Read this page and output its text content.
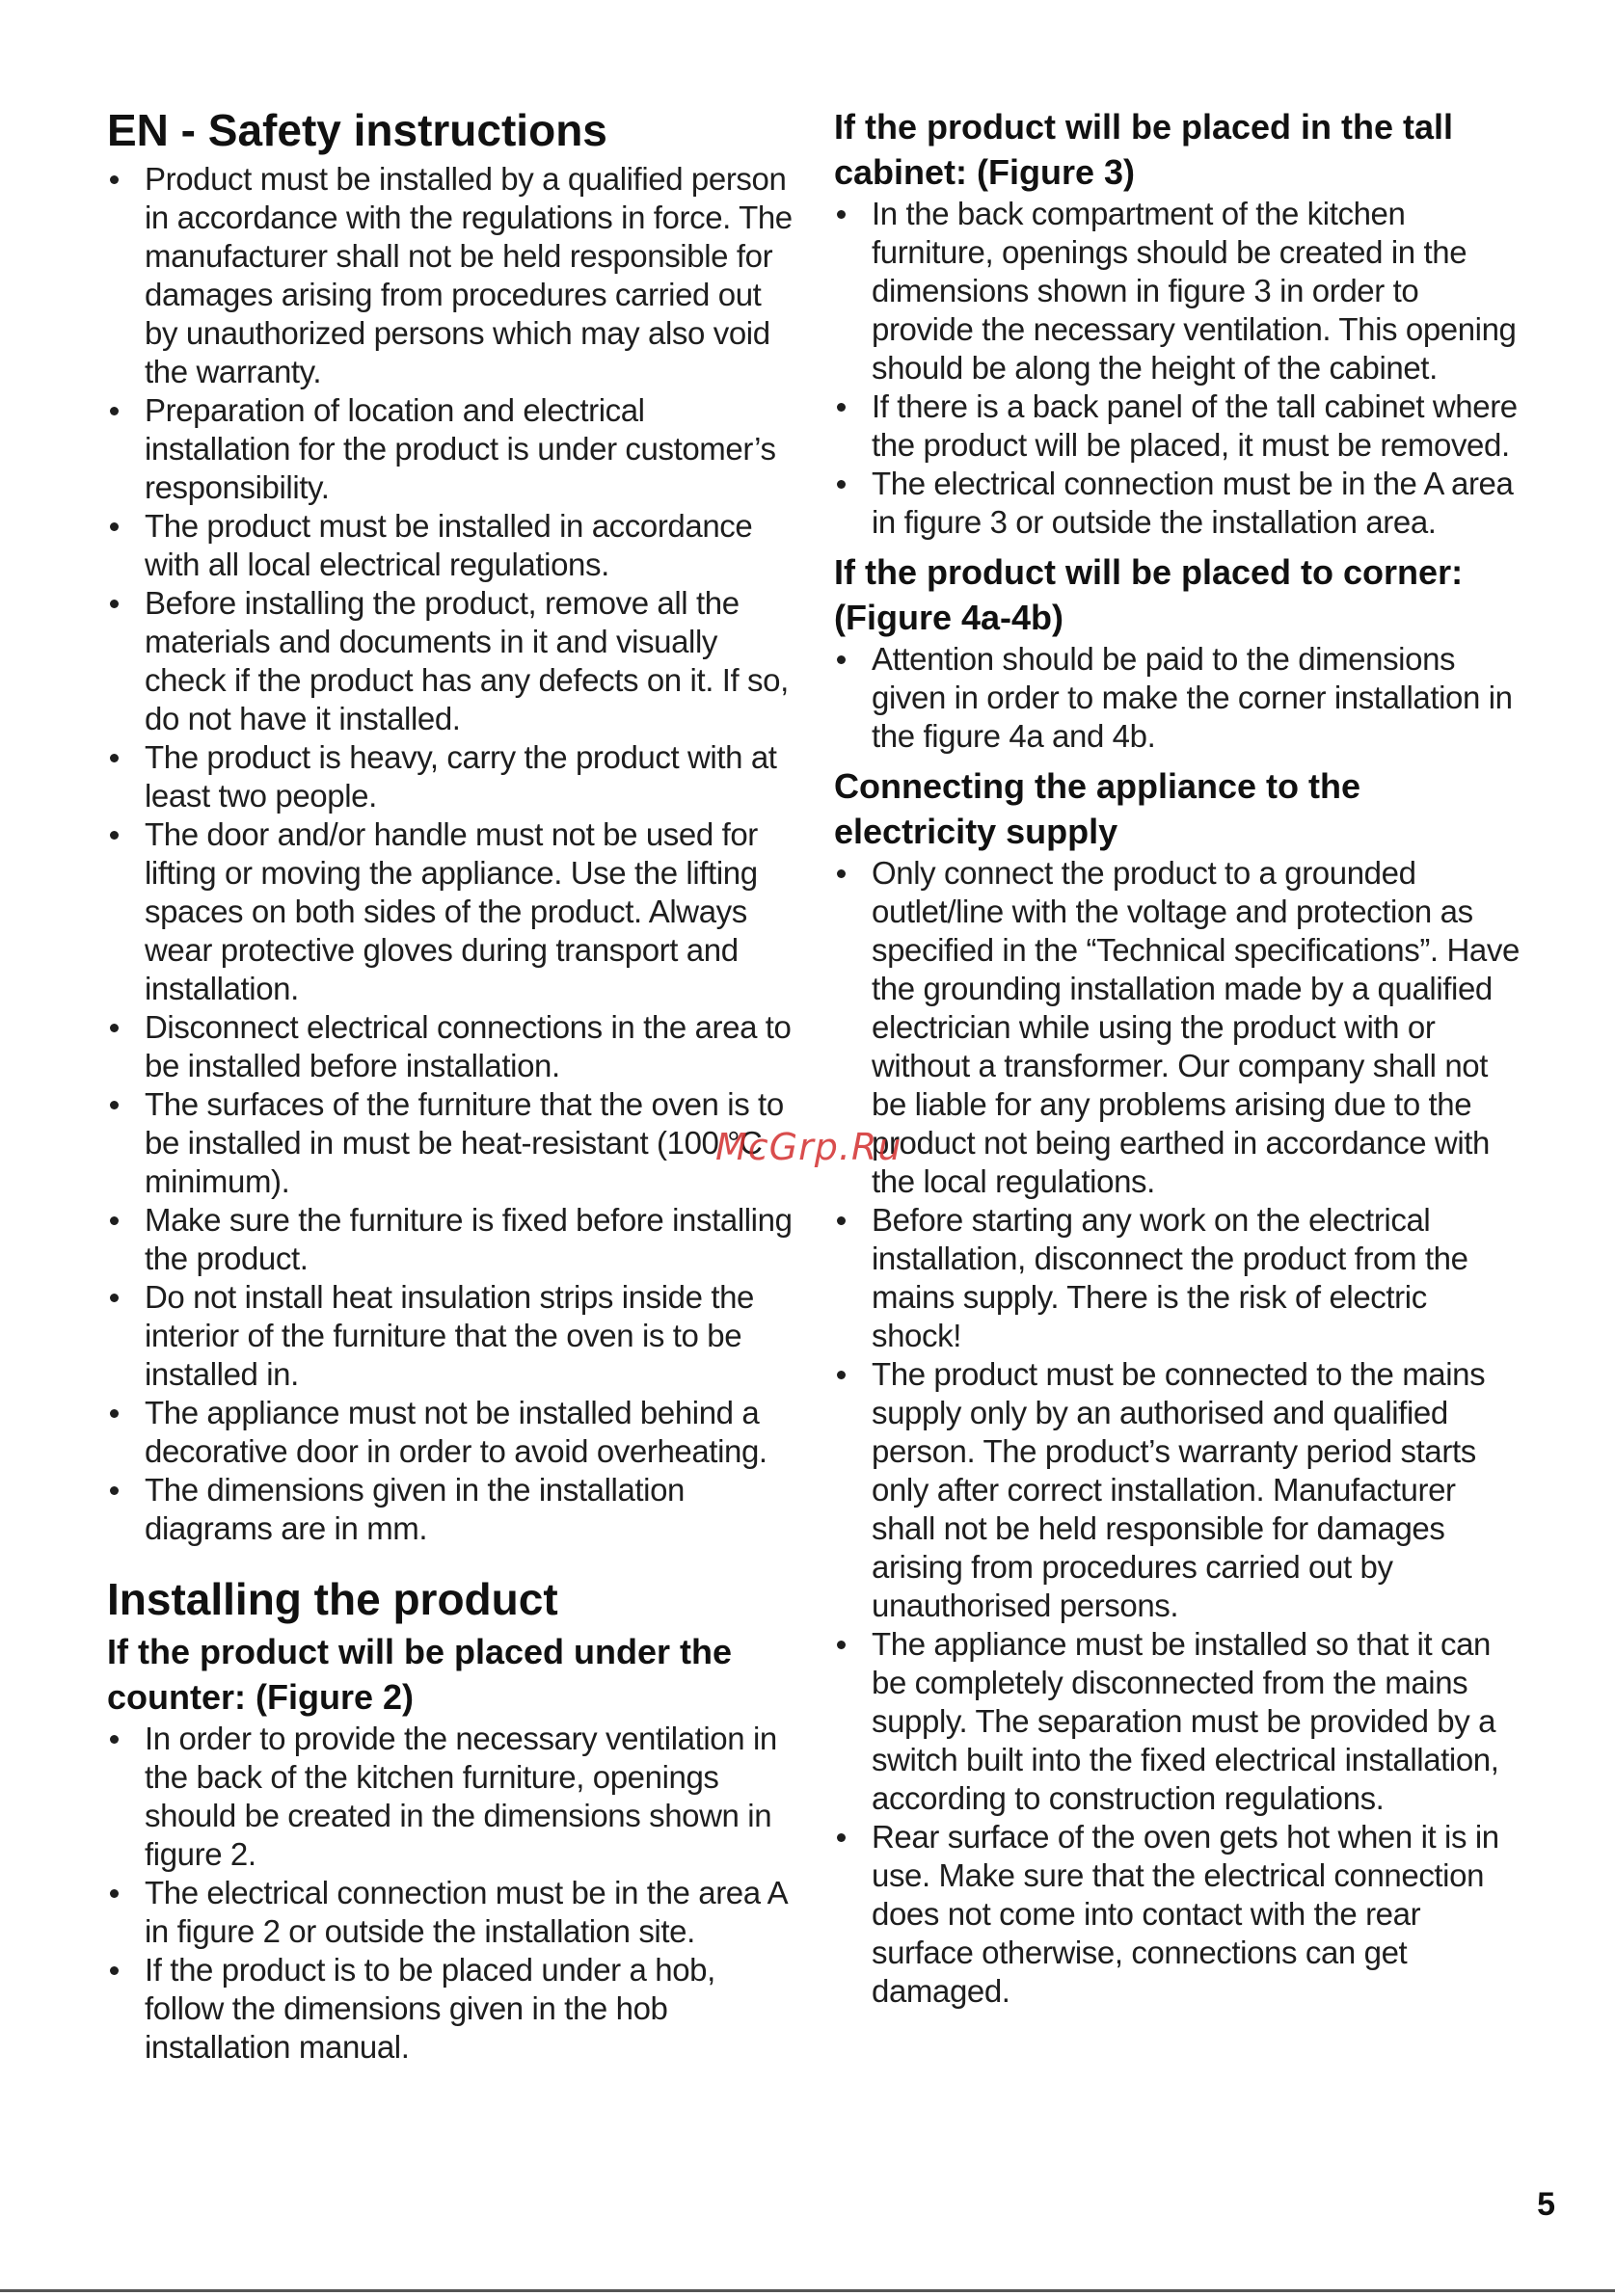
EN - Safety instructions
Product must be installed by a qualified person in accordance with the regulations in force. The manufacturer shall not be held responsible for damages arising from procedures carried out by unauthorized persons which may also void the warranty.
Preparation of location and electrical installation for the product is under customer’s responsibility.
The product must be installed in accordance with all local electrical regulations.
Before installing the product, remove all the materials and documents in it and visually check if the product has any defects on it. If so, do not have it installed.
The product is heavy, carry the product with at least two people.
The door and/or handle must not be used for lifting or moving the appliance. Use the lifting spaces on both sides of the product. Always wear protective gloves during transport and installation.
Disconnect electrical connections in the area to be installed before installation.
The surfaces of the furniture that the oven is to be installed in must be heat-resistant (100 °C minimum).
Make sure the furniture is fixed before installing the product.
Do not install heat insulation strips inside the interior of the furniture that the oven is to be installed in.
The appliance must not be installed behind a decorative door in order to avoid overheating.
The dimensions given in the installation diagrams are in mm.
Installing the product
If the product will be placed under the counter: (Figure 2)
In order to provide the necessary ventilation in the back of the kitchen furniture, openings should be created in the dimensions shown in figure 2.
The electrical connection must be in the area A in figure 2 or outside the installation site.
If the product is to be placed under a hob, follow the dimensions given in the hob installation manual.
If the product will be placed in the tall cabinet: (Figure 3)
In the back compartment of the kitchen furniture, openings should be created in the dimensions shown in figure 3 in order to provide the necessary ventilation. This opening should be along the height of the cabinet.
If there is a back panel of the tall cabinet where the product will be placed, it must be removed.
The electrical connection must be in the A area in figure 3 or outside the installation area.
If the product will be placed to corner: (Figure 4a-4b)
Attention should be paid to the dimensions given in order to make the corner installation in the figure 4a and 4b.
Connecting the appliance to the electricity supply
Only connect the product to a grounded outlet/line with the voltage and protection as specified in the “Technical specifications”. Have the grounding installation made by a qualified electrician while using the product with or without a transformer. Our company shall not be liable for any problems arising due to the product not being earthed in accordance with the local regulations.
Before starting any work on the electrical installation, disconnect the product from the mains supply. There is the risk of electric shock!
The product must be connected to the mains supply only by an authorised and qualified person. The product’s warranty period starts only after correct installation. Manufacturer shall not be held responsible for damages arising from procedures carried out by unauthorised persons.
The appliance must be installed so that it can be completely disconnected from the mains supply. The separation must be provided by a switch built into the fixed electrical installation, according to construction regulations.
Rear surface of the oven gets hot when it is in use. Make sure that the electrical connection does not come into contact with the rear surface otherwise, connections can get damaged.
McGrp.Ru
5
